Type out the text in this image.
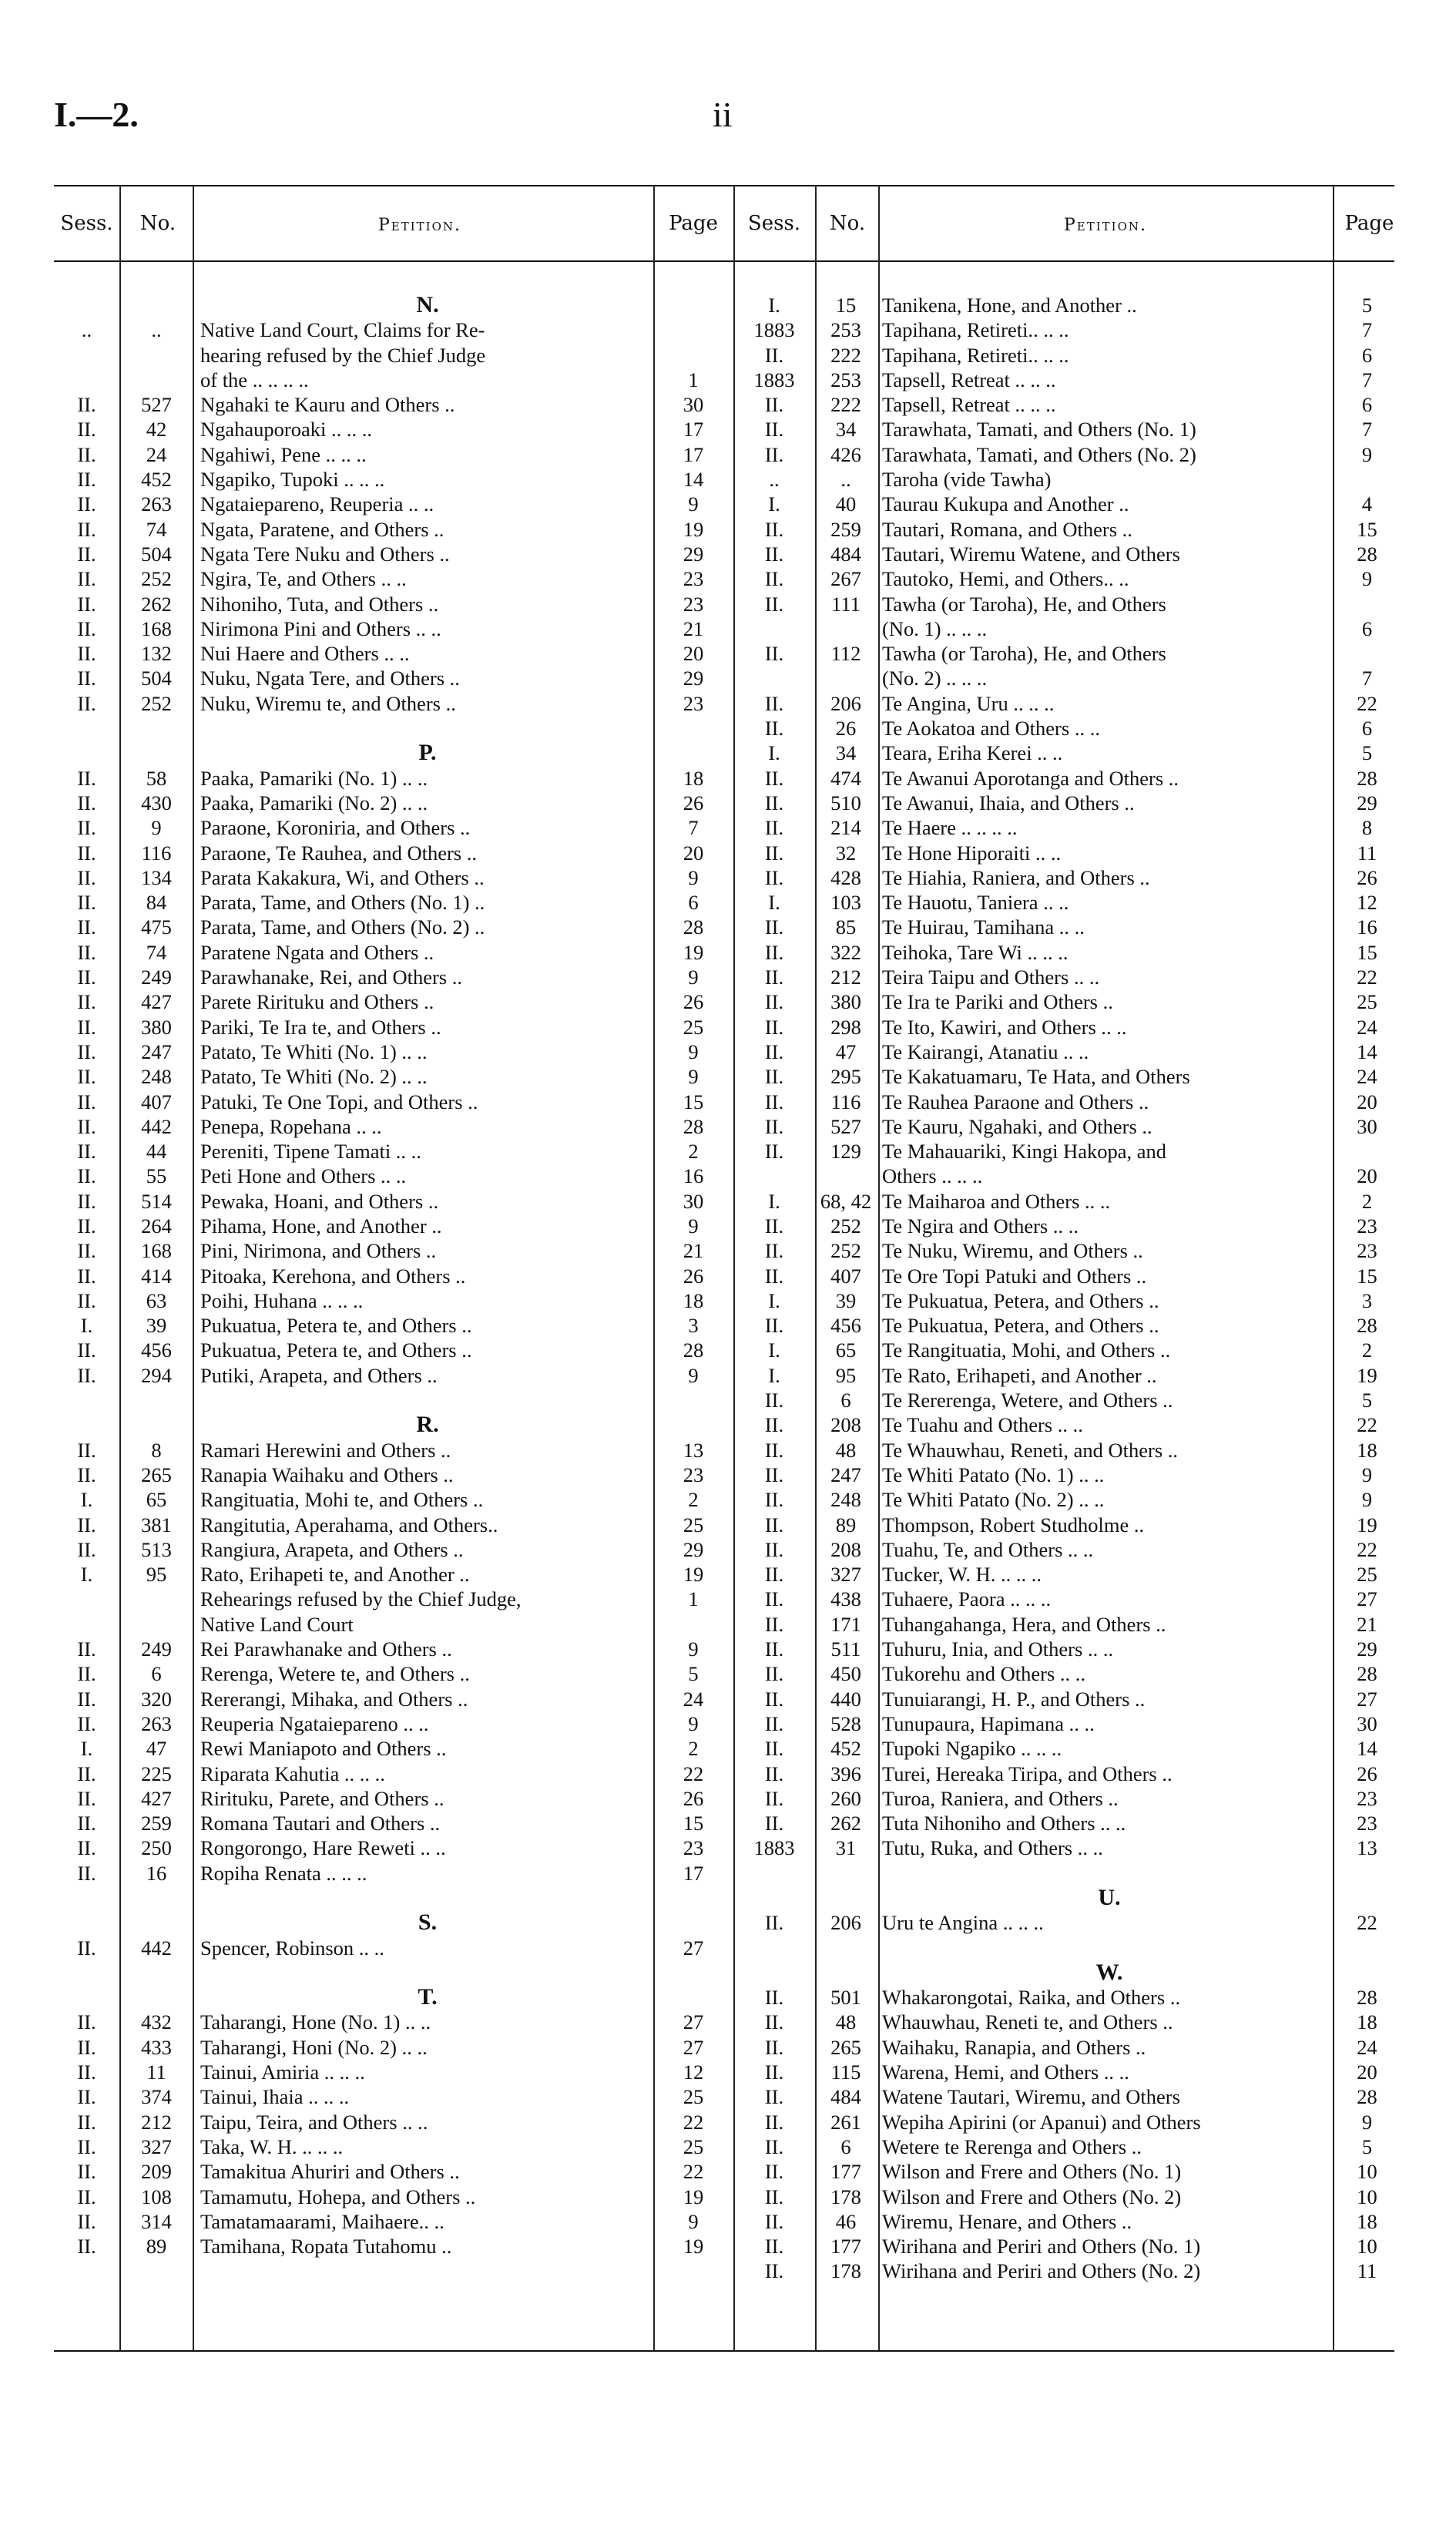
I.—2.	ii
Sess.	No.	Petition.	Page	Sess.	No.	Petition.	Page
N.
..	..	Native Land Court, Claims for Re-
hearing refused by the Chief Judge
of the .. .. .. ..	1
II.	527	Ngahaki te Kauru and Others ..	30
II.	42	Ngahauporoaki .. .. ..	17
II.	24	Ngahiwi, Pene .. .. ..	17
II.	452	Ngapiko, Tupoki .. .. ..	14
II.	263	Ngataiepareno, Reuperia .. ..	9
II.	74	Ngata, Paratene, and Others ..	19
II.	504	Ngata Tere Nuku and Others ..	29
II.	252	Ngira, Te, and Others .. ..	23
II.	262	Nihoniho, Tuta, and Others ..	23
II.	168	Nirimona Pini and Others .. ..	21
II.	132	Nui Haere and Others .. ..	20
II.	504	Nuku, Ngata Tere, and Others ..	29
II.	252	Nuku, Wiremu te, and Others ..	23
P.
II.	58	Paaka, Pamariki (No. 1) .. ..	18
II.	430	Paaka, Pamariki (No. 2) .. ..	26
II.	9	Paraone, Koroniria, and Others ..	7
II.	116	Paraone, Te Rauhea, and Others ..	20
II.	134	Parata Kakakura, Wi, and Others ..	9
II.	84	Parata, Tame, and Others (No. 1) ..	6
II.	475	Parata, Tame, and Others (No. 2) ..	28
II.	74	Paratene Ngata and Others ..	19
II.	249	Parawhanake, Rei, and Others ..	9
II.	427	Parete Rirituku and Others ..	26
II.	380	Pariki, Te Ira te, and Others ..	25
II.	247	Patato, Te Whiti (No. 1) .. ..	9
II.	248	Patato, Te Whiti (No. 2) .. ..	9
II.	407	Patuki, Te One Topi, and Others ..	15
II.	442	Penepa, Ropehana .. ..	28
II.	44	Pereniti, Tipene Tamati .. ..	2
II.	55	Peti Hone and Others .. ..	16
II.	514	Pewaka, Hoani, and Others ..	30
II.	264	Pihama, Hone, and Another ..	9
II.	168	Pini, Nirimona, and Others ..	21
II.	414	Pitoaka, Kerehona, and Others ..	26
II.	63	Poihi, Huhana .. .. ..	18
I.	39	Pukuatua, Petera te, and Others ..	3
II.	456	Pukuatua, Petera te, and Others ..	28
II.	294	Putiki, Arapeta, and Others ..	9
R.
II.	8	Ramari Herewini and Others ..	13
II.	265	Ranapia Waihaku and Others ..	23
I.	65	Rangituatia, Mohi te, and Others ..	2
II.	381	Rangitutia, Aperahama, and Others..	25
II.	513	Rangiura, Arapeta, and Others ..	29
I.	95	Rato, Erihapeti te, and Another ..	19
Rehearings refused by the Chief Judge,	1
Native Land Court
II.	249	Rei Parawhanake and Others ..	9
II.	6	Rerenga, Wetere te, and Others ..	5
II.	320	Rererangi, Mihaka, and Others ..	24
II.	263	Reuperia Ngataiepareno .. ..	9
I.	47	Rewi Maniapoto and Others ..	2
II.	225	Riparata Kahutia .. .. ..	22
II.	427	Rirituku, Parete, and Others ..	26
II.	259	Romana Tautari and Others ..	15
II.	250	Rongorongo, Hare Reweti .. ..	23
II.	16	Ropiha Renata .. .. ..	17
S.
II.	442	Spencer, Robinson .. ..	27
T.
II.	432	Taharangi, Hone (No. 1) .. ..	27
II.	433	Taharangi, Honi (No. 2) .. ..	27
II.	11	Tainui, Amiria .. .. ..	12
II.	374	Tainui, Ihaia .. .. ..	25
II.	212	Taipu, Teira, and Others .. ..	22
II.	327	Taka, W. H. .. .. ..	25
II.	209	Tamakitua Ahuriri and Others ..	22
II.	108	Tamamutu, Hohepa, and Others ..	19
II.	314	Tamatamaarami, Maihaere.. ..	9
II.	89	Tamihana, Ropata Tutahomu ..	19
I.	15	Tanikena, Hone, and Another ..	5
1883	253	Tapihana, Retireti.. .. ..	7
II.	222	Tapihana, Retireti.. .. ..	6
1883	253	Tapsell, Retreat .. .. ..	7
II.	222	Tapsell, Retreat .. .. ..	6
II.	34	Tarawhata, Tamati, and Others (No. 1)	7
II.	426	Tarawhata, Tamati, and Others (No. 2)	9
..	..	Taroha (vide Tawha)
I.	40	Taurau Kukupa and Another ..	4
II.	259	Tautari, Romana, and Others ..	15
II.	484	Tautari, Wiremu Watene, and Others	28
II.	267	Tautoko, Hemi, and Others.. ..	9
II.	111	Tawha (or Taroha), He, and Others
(No. 1) .. .. ..	6
II.	112	Tawha (or Taroha), He, and Others
(No. 2) .. .. ..	7
II.	206	Te Angina, Uru .. .. ..	22
II.	26	Te Aokatoa and Others .. ..	6
I.	34	Teara, Eriha Kerei .. ..	5
II.	474	Te Awanui Aporotanga and Others ..	28
II.	510	Te Awanui, Ihaia, and Others ..	29
II.	214	Te Haere .. .. .. ..	8
II.	32	Te Hone Hiporaiti .. ..	11
II.	428	Te Hiahia, Raniera, and Others ..	26
I.	103	Te Hauotu, Taniera .. ..	12
II.	85	Te Huirau, Tamihana .. ..	16
II.	322	Teihoka, Tare Wi .. .. ..	15
II.	212	Teira Taipu and Others .. ..	22
II.	380	Te Ira te Pariki and Others ..	25
II.	298	Te Ito, Kawiri, and Others .. ..	24
II.	47	Te Kairangi, Atanatiu .. ..	14
II.	295	Te Kakatuamaru, Te Hata, and Others	24
II.	116	Te Rauhea Paraone and Others ..	20
II.	527	Te Kauru, Ngahaki, and Others ..	30
II.	129	Te Mahauariki, Kingi Hakopa, and
Others .. .. ..	20
I.	68, 42 Te Maiharoa and Others .. ..	2
II.	252	Te Ngira and Others .. ..	23
II.	252	Te Nuku, Wiremu, and Others ..	23
II.	407	Te Ore Topi Patuki and Others ..	15
I.	39	Te Pukuatua, Petera, and Others ..	3
II.	456	Te Pukuatua, Petera, and Others ..	28
I.	65	Te Rangituatia, Mohi, and Others ..	2
I.	95	Te Rato, Erihapeti, and Another ..	19
II.	6	Te Rererenga, Wetere, and Others ..	5
II.	208	Te Tuahu and Others .. ..	22
II.	48	Te Whauwhau, Reneti, and Others ..	18
II.	247	Te Whiti Patato (No. 1) .. ..	9
II.	248	Te Whiti Patato (No. 2) .. ..	9
II.	89	Thompson, Robert Studholme ..	19
II.	208	Tuahu, Te, and Others .. ..	22
II.	327	Tucker, W. H. .. .. ..	25
II.	438	Tuhaere, Paora .. .. ..	27
II.	171	Tuhangahanga, Hera, and Others ..	21
II.	511	Tuhuru, Inia, and Others .. ..	29
II.	450	Tukorehu and Others .. ..	28
II.	440	Tunuiarangi, H. P., and Others ..	27
II.	528	Tunupaura, Hapimana .. ..	30
II.	452	Tupoki Ngapiko .. .. ..	14
II.	396	Turei, Hereaka Tiripa, and Others ..	26
II.	260	Turoa, Raniera, and Others ..	23
II.	262	Tuta Nihoniho and Others .. ..	23
1883	31	Tutu, Ruka, and Others .. ..	13
U.
II.	206	Uru te Angina .. .. ..	22
W.
II.	501	Whakarongotai, Raika, and Others ..	28
II.	48	Whauwhau, Reneti te, and Others ..	18
II.	265	Waihaku, Ranapia, and Others ..	24
II.	115	Warena, Hemi, and Others .. ..	20
II.	484	Watene Tautari, Wiremu, and Others	28
II.	261	Wepiha Apirini (or Apanui) and Others	9
II.	6	Wetere te Rerenga and Others ..	5
II.	177	Wilson and Frere and Others (No. 1)	10
II.	178	Wilson and Frere and Others (No. 2)	10
II.	46	Wiremu, Henare, and Others ..	18
II.	177	Wirihana and Periri and Others (No. 1)	10
II.	178	Wirihana and Periri and Others (No. 2)	11
